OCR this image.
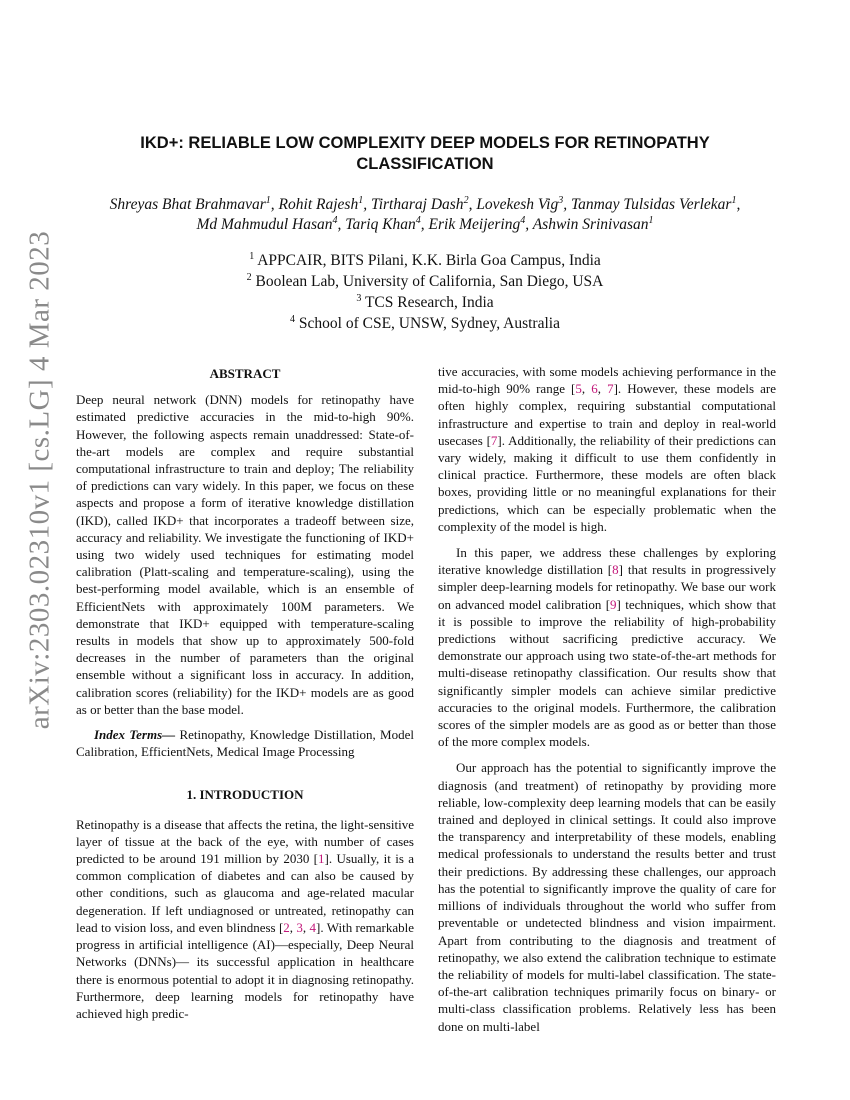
arXiv:2303.02310v1 [cs.LG] 4 Mar 2023
IKD+: RELIABLE LOW COMPLEXITY DEEP MODELS FOR RETINOPATHY
CLASSIFICATION
Shreyas Bhat Brahmavar$^1$, Rohit Rajesh$^1$, Tirtharaj Dash$^2$, Lovekesh Vig$^3$, Tanmay Tulsidas Verlekar$^1$,
Md Mahmudul Hasan$^4$, Tariq Khan$^4$, Erik Meijering$^4$, Ashwin Srinivasan$^1$
$^1$ APPCAIR, BITS Pilani, K.K. Birla Goa Campus, India
$^2$ Boolean Lab, University of California, San Diego, USA
$^3$ TCS Research, India
$^4$ School of CSE, UNSW, Sydney, Australia
ABSTRACT

Deep neural network (DNN) models for retinopathy have estimated predictive accuracies in the mid-to-high 90%. However, the following aspects remain unaddressed: State-of-the-art models are complex and require substantial computational infrastructure to train and deploy; The reliability of predictions can vary widely. In this paper, we focus on these aspects and propose a form of iterative knowledge distillation (IKD), called IKD+ that incorporates a tradeoff between size, accuracy and reliability. We investigate the functioning of IKD+ using two widely used techniques for estimating model calibration (Platt-scaling and temperature-scaling), using the best-performing model available, which is an ensemble of EfficientNets with approximately 100M parameters. We demonstrate that IKD+ equipped with temperature-scaling results in models that show up to approximately 500-fold decreases in the number of parameters than the original ensemble without a significant loss in accuracy. In addition, calibration scores (reliability) for the IKD+ models are as good as or better than the base model.

Index Terms— Retinopathy, Knowledge Distillation, Model Calibration, EfficientNets, Medical Image Processing

1. INTRODUCTION

Retinopathy is a disease that affects the retina, the light-sensitive layer of tissue at the back of the eye, with number of cases predicted to be around 191 million by 2030 [1]. Usually, it is a common complication of diabetes and can also be caused by other conditions, such as glaucoma and age-related macular degeneration. If left undiagnosed or untreated, retinopathy can lead to vision loss, and even blindness [2, 3, 4]. With remarkable progress in artificial intelligence (AI)—especially, Deep Neural Networks (DNNs)— its successful application in healthcare there is enormous potential to adopt it in diagnosing retinopathy. Furthermore, deep learning models for retinopathy have achieved high predic-

tive accuracies, with some models achieving performance in the mid-to-high 90% range [5, 6, 7]. However, these models are often highly complex, requiring substantial computational infrastructure and expertise to train and deploy in real-world usecases [7]. Additionally, the reliability of their predictions can vary widely, making it difficult to use them confidently in clinical practice. Furthermore, these models are often black boxes, providing little or no meaningful explanations for their predictions, which can be especially problematic when the complexity of the model is high.

In this paper, we address these challenges by exploring iterative knowledge distillation [8] that results in progressively simpler deep-learning models for retinopathy. We base our work on advanced model calibration [9] techniques, which show that it is possible to improve the reliability of high-probability predictions without sacrificing predictive accuracy. We demonstrate our approach using two state-of-the-art methods for multi-disease retinopathy classification. Our results show that significantly simpler models can achieve similar predictive accuracies to the original models. Furthermore, the calibration scores of the simpler models are as good as or better than those of the more complex models.

Our approach has the potential to significantly improve the diagnosis (and treatment) of retinopathy by providing more reliable, low-complexity deep learning models that can be easily trained and deployed in clinical settings. It could also improve the transparency and interpretability of these models, enabling medical professionals to understand the results better and trust their predictions. By addressing these challenges, our approach has the potential to significantly improve the quality of care for millions of individuals throughout the world who suffer from preventable or undetected blindness and vision impairment. Apart from contributing to the diagnosis and treatment of retinopathy, we also extend the calibration technique to estimate the reliability of models for multi-label classification. The state-of-the-art calibration techniques primarily focus on binary- or multi-class classification problems. Relatively less has been done on multi-label
